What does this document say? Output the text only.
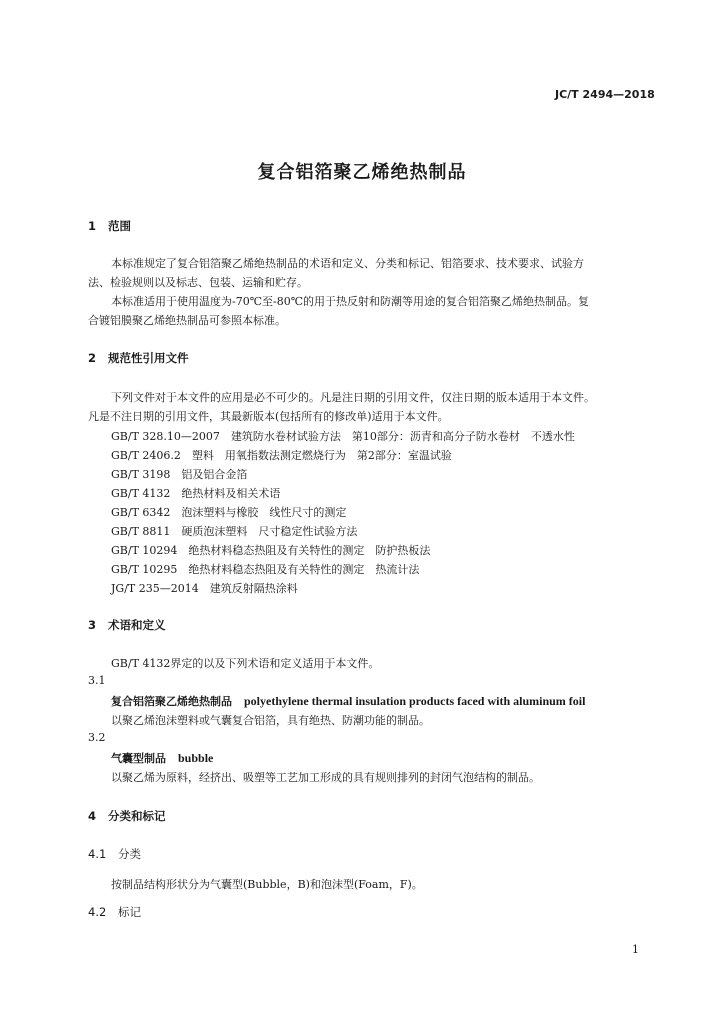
JC/T 2494—2018
复合铝箔聚乙烯绝热制品
1 范围
本标准规定了复合铝箔聚乙烯绝热制品的术语和定义、分类和标记、铝箔要求、技术要求、试验方
法、检验规则以及标志、包装、运输和贮存。
本标准适用于使用温度为-70℃至-80℃的用于热反射和防潮等用途的复合铝箔聚乙烯绝热制品。复
合镀铝膜聚乙烯绝热制品可参照本标准。
2 规范性引用文件
下列文件对于本文件的应用是必不可少的。凡是注日期的引用文件，仅注日期的版本适用于本文件。
凡是不注日期的引用文件，其最新版本(包括所有的修改单)适用于本文件。
GB/T 328.10—2007　建筑防水卷材试验方法　第10部分：沥青和高分子防水卷材　不透水性
GB/T 2406.2　塑料　用氧指数法测定燃烧行为　第2部分：室温试验
GB/T 3198　铝及铝合金箔
GB/T 4132　绝热材料及相关术语
GB/T 6342　泡沫塑料与橡胶　线性尺寸的测定
GB/T 8811　硬质泡沫塑料　尺寸稳定性试验方法
GB/T 10294　绝热材料稳态热阻及有关特性的测定　防护热板法
GB/T 10295　绝热材料稳态热阻及有关特性的测定　热流计法
JG/T 235—2014　建筑反射隔热涂料
3 术语和定义
GB/T 4132界定的以及下列术语和定义适用于本文件。
3.1
复合铝箔聚乙烯绝热制品 polyethylene thermal insulation products faced with aluminum foil
以聚乙烯泡沫塑料或气囊复合铝箔，具有绝热、防潮功能的制品。
3.2
气囊型制品 bubble
以聚乙烯为原料，经挤出、吸塑等工艺加工形成的具有规则排列的封闭气泡结构的制品。
4 分类和标记
4.1 分类
按制品结构形状分为气囊型(Bubble，B)和泡沫型(Foam，F)。
4.2 标记
1
